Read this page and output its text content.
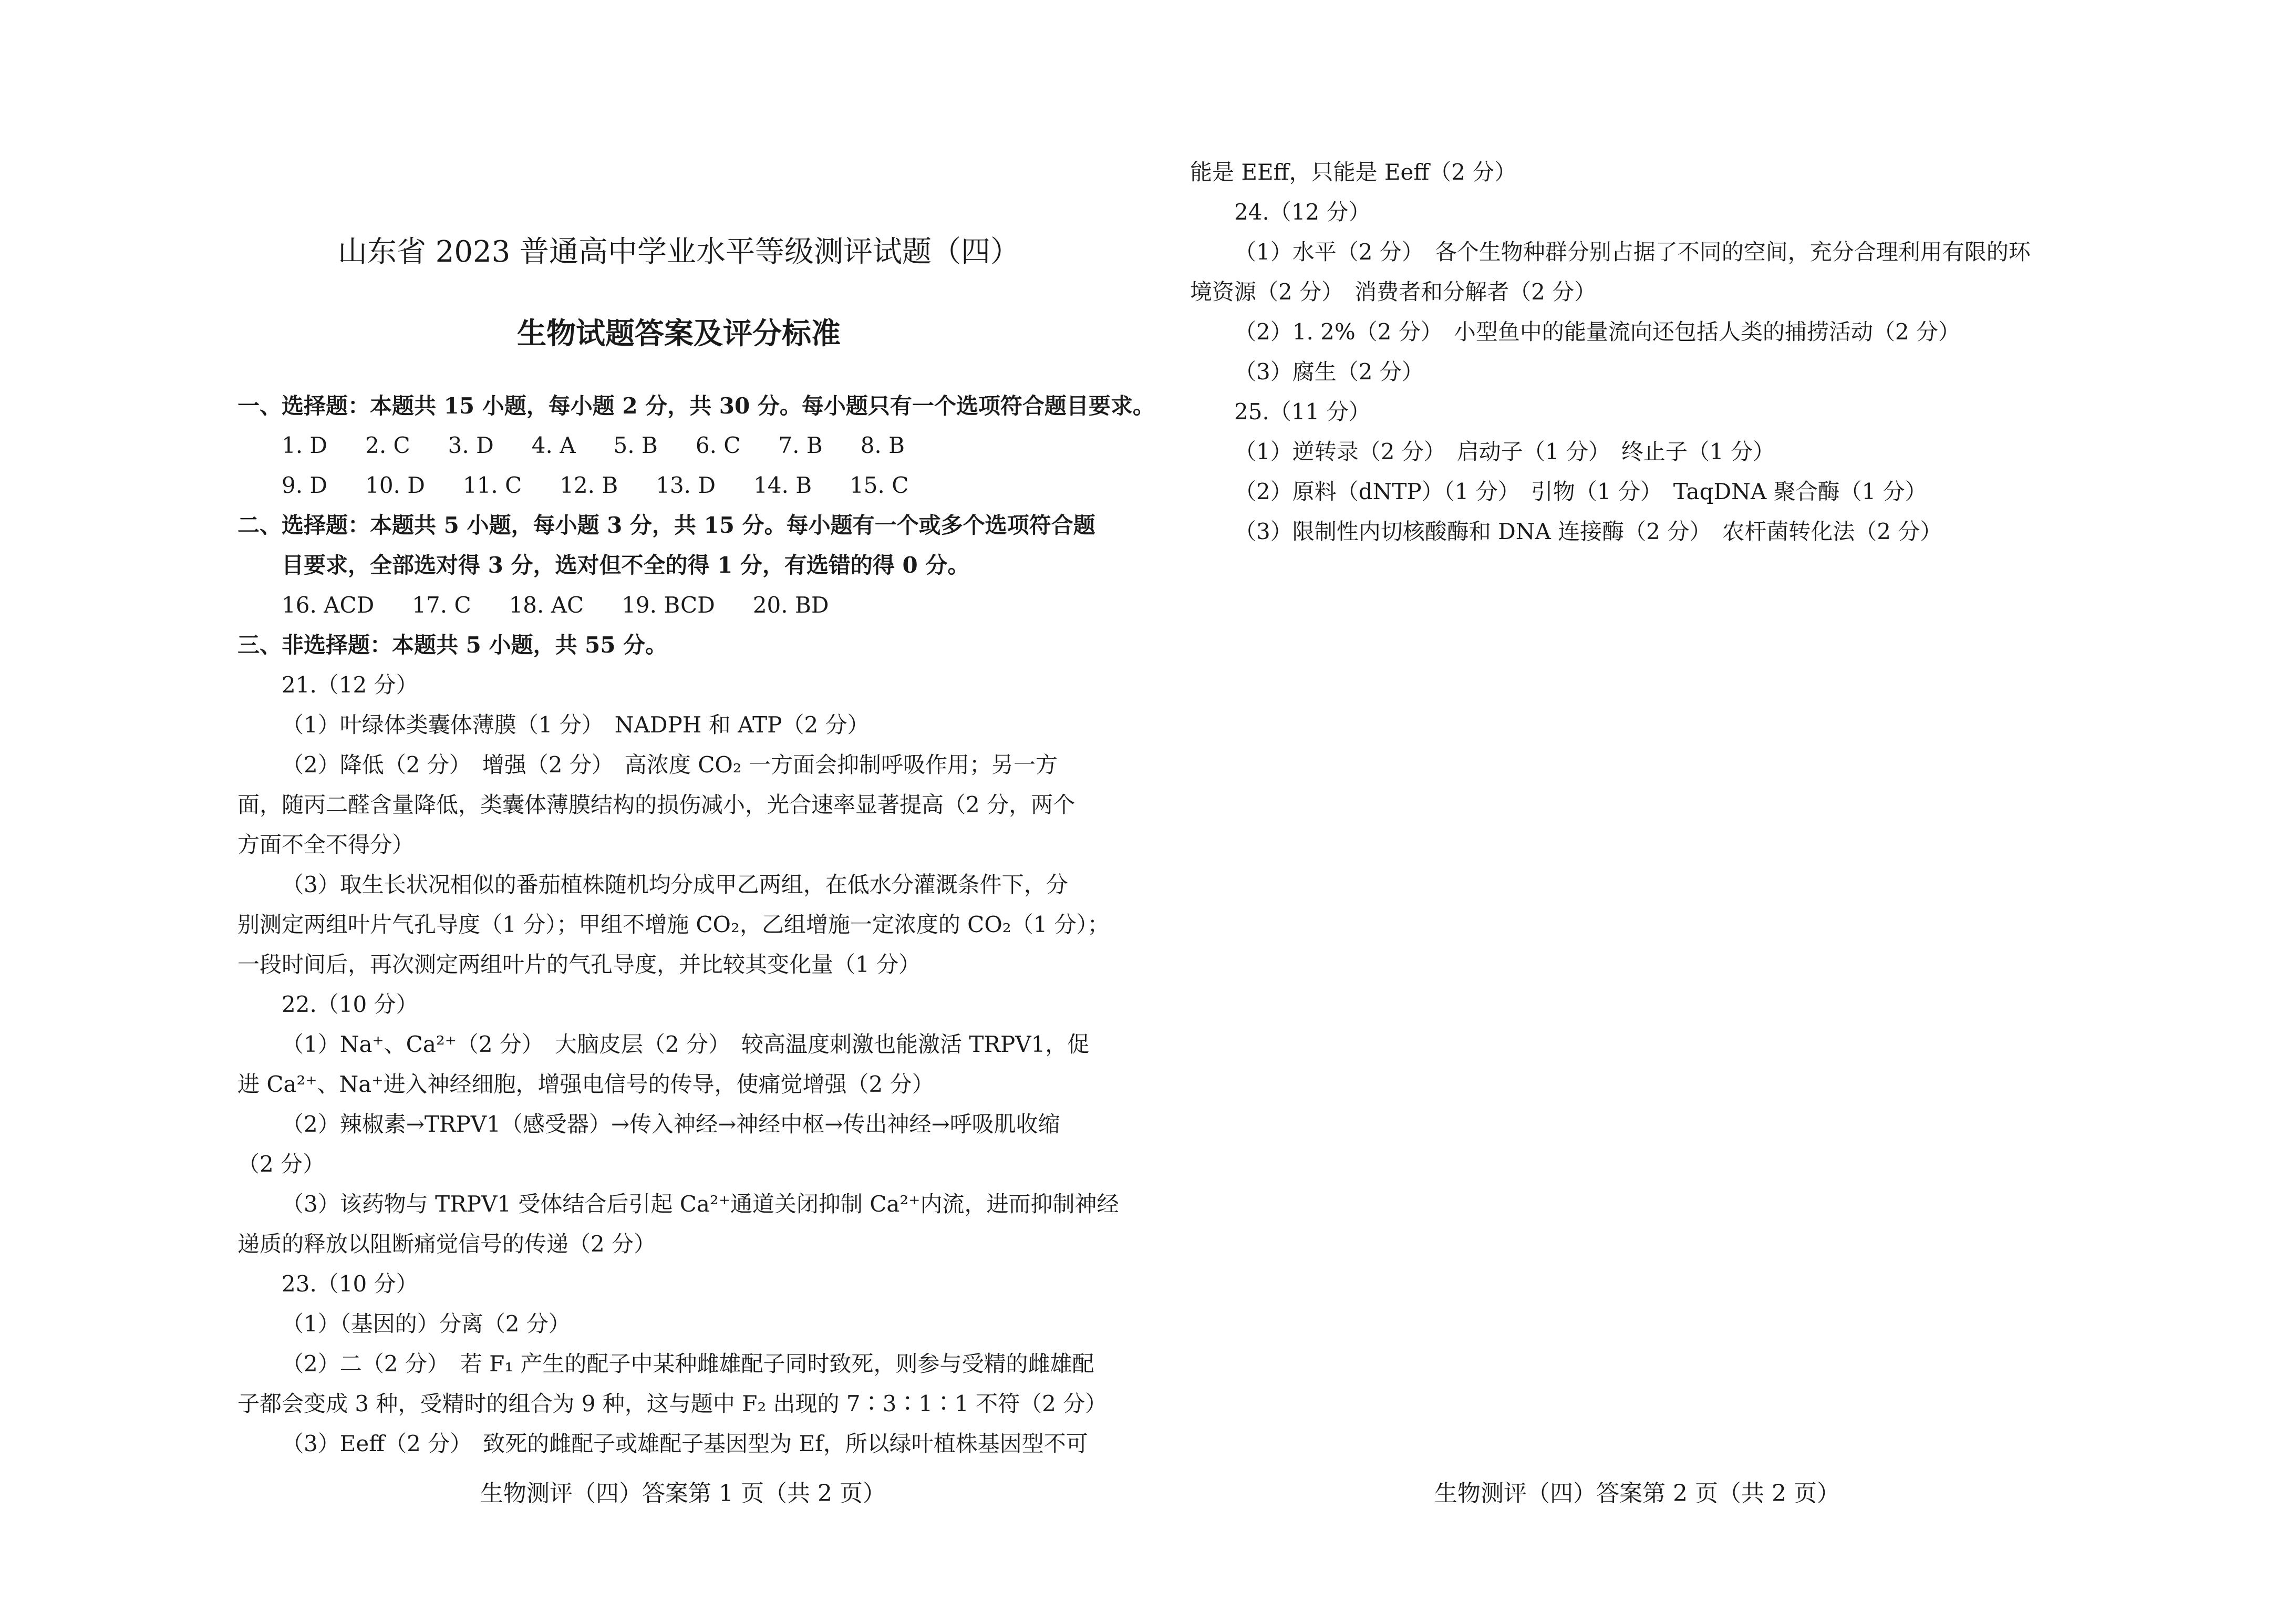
山东省 2023 普通高中学业水平等级测评试题（四）
生物试题答案及评分标准
一、选择题：本题共 15 小题，每小题 2 分，共 30 分。每小题只有一个选项符合题目要求。
1. D 2. C 3. D 4. A 5. B 6. C 7. B 8. B
9. D 10. D 11. C 12. B 13. D 14. B 15. C
二、选择题：本题共 5 小题，每小题 3 分，共 15 分。每小题有一个或多个选项符合题
目要求，全部选对得 3 分，选对但不全的得 1 分，有选错的得 0 分。
16. ACD 17. C 18. AC 19. BCD 20. BD
三、非选择题：本题共 5 小题，共 55 分。
21.（12 分）
（1）叶绿体类囊体薄膜（1 分）　NADPH 和 ATP（2 分）
（2）降低（2 分）　增强（2 分）　高浓度 CO₂ 一方面会抑制呼吸作用；另一方
面，随丙二醛含量降低，类囊体薄膜结构的损伤减小，光合速率显著提高（2 分，两个
方面不全不得分）
（3）取生长状况相似的番茄植株随机均分成甲乙两组，在低水分灌溉条件下，分
别测定两组叶片气孔导度（1 分）；甲组不增施 CO₂，乙组增施一定浓度的 CO₂（1 分）；
一段时间后，再次测定两组叶片的气孔导度，并比较其变化量（1 分）
22.（10 分）
（1）Na⁺、Ca²⁺（2 分）　大脑皮层（2 分）　较高温度刺激也能激活 TRPV1，促
进 Ca²⁺、Na⁺进入神经细胞，增强电信号的传导，使痛觉增强（2 分）
（2）辣椒素→TRPV1（感受器）→传入神经→神经中枢→传出神经→呼吸肌收缩
（2 分）
（3）该药物与 TRPV1 受体结合后引起 Ca²⁺通道关闭抑制 Ca²⁺内流，进而抑制神经
递质的释放以阻断痛觉信号的传递（2 分）
23.（10 分）
（1）（基因的）分离（2 分）
（2）二（2 分）　若 F₁ 产生的配子中某种雌雄配子同时致死，则参与受精的雌雄配
子都会变成 3 种，受精时的组合为 9 种，这与题中 F₂ 出现的 7∶3∶1∶1 不符（2 分）
（3）Eeff（2 分）　致死的雌配子或雄配子基因型为 Ef，所以绿叶植株基因型不可
能是 EEff，只能是 Eeff（2 分）
24.（12 分）
（1）水平（2 分）　各个生物种群分别占据了不同的空间，充分合理利用有限的环
境资源（2 分）　消费者和分解者（2 分）
（2）1. 2%（2 分）　小型鱼中的能量流向还包括人类的捕捞活动（2 分）
（3）腐生（2 分）
25.（11 分）
（1）逆转录（2 分）　启动子（1 分）　终止子（1 分）
（2）原料（dNTP）（1 分）　引物（1 分）　TaqDNA 聚合酶（1 分）
（3）限制性内切核酸酶和 DNA 连接酶（2 分）　农杆菌转化法（2 分）
生物测评（四）答案第 1 页（共 2 页）	生物测评（四）答案第 2 页（共 2 页）
